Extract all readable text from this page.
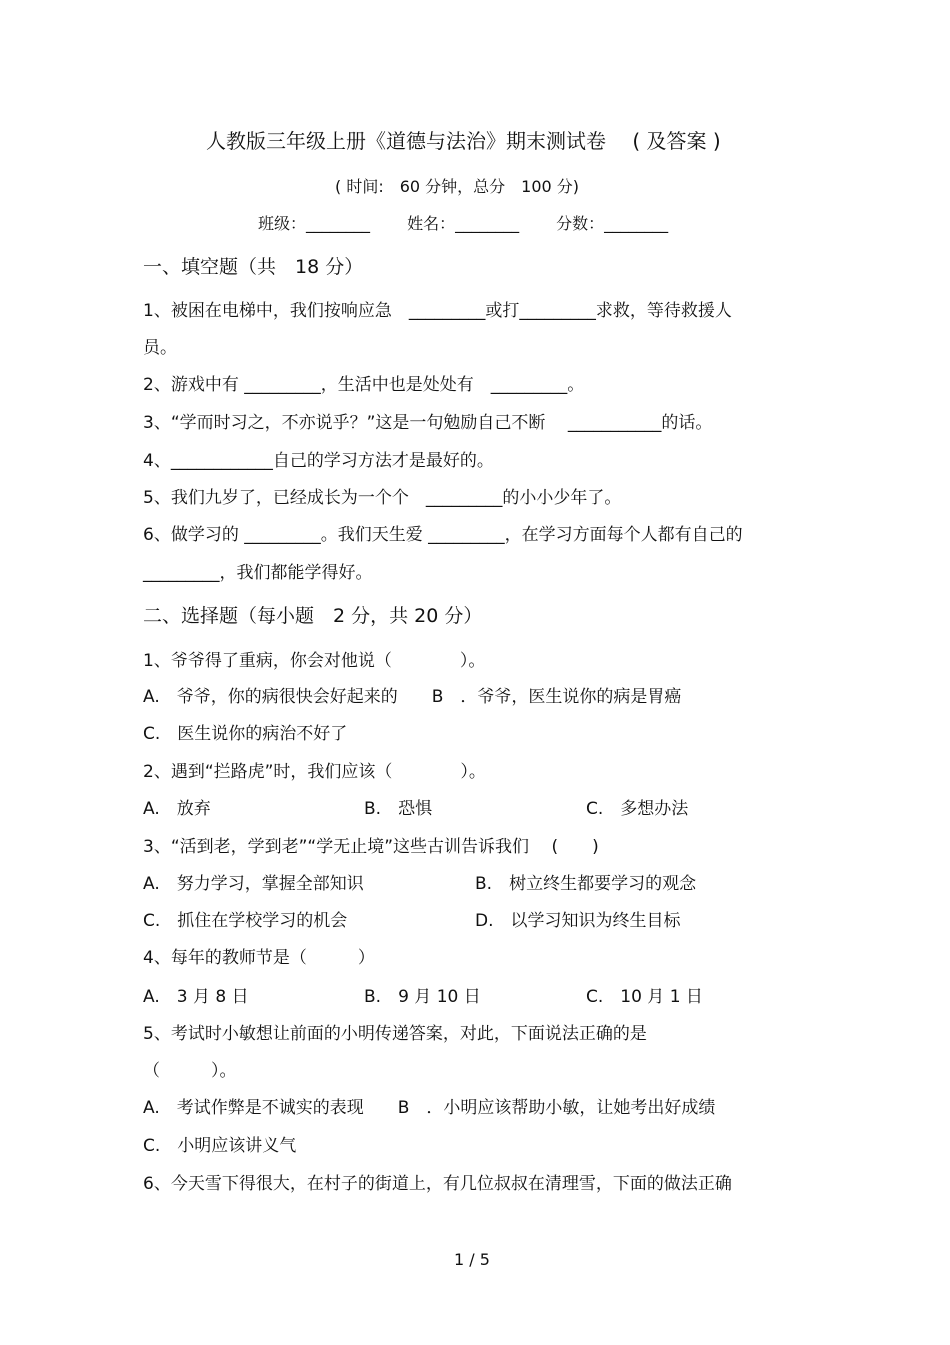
人教版三年级上册《道德与法治》期末测试卷　 ( 及答案 )
( 时间:　60 分钟，总分　100 分)
班级：________　　 姓名：________　　 分数：________
一、填空题（共　18 分）
1、被困在电梯中，我们按响应急　_________或打_________求救，等待救援人
员。
2、游戏中有 _________，生活中也是处处有　_________。
3、“学而时习之，不亦说乎？”这是一句勉励自己不断　 ___________的话。
4、____________自己的学习方法才是最好的。
5、我们九岁了，已经成长为一个个　_________的小小少年了。
6、做学习的 _________。我们天生爱 _________，在学习方面每个人都有自己的
_________，我们都能学得好。
二、选择题（每小题　2 分，共 20 分）
1、爷爷得了重病，你会对他说（　　　　）。
A.　爷爷，你的病很快会好起来的　　B　．爷爷，医生说你的病是胃癌
C.　医生说你的病治不好了
2、遇到“拦路虎”时，我们应该（　　　　）。
A.　放弃	B.　恐惧	C.　多想办法
3、“活到老，学到老”“学无止境”这些古训告诉我们　 (　　)
A.　努力学习，掌握全部知识	B.　树立终生都要学习的观念
C.　抓住在学校学习的机会	D.　以学习知识为终生目标
4、每年的教师节是（　　　）
A.　3 月 8 日	B.　9 月 10 日	C.　10 月 1 日
5、考试时小敏想让前面的小明传递答案，对此，下面说法正确的是
（　　　）。
A.　考试作弊是不诚实的表现　　B　．小明应该帮助小敏，让她考出好成绩
C.　小明应该讲义气
6、今天雪下得很大，在村子的街道上，有几位叔叔在清理雪，下面的做法正确
1 / 5
